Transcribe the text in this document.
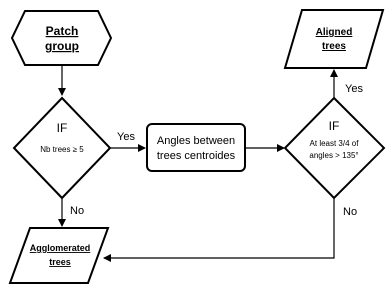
Patch
group
IF
Nb trees ≥ 5
Angles between
trees centroides
IF
At least 3/4 of
angles > 135°
Aligned
trees
Agglomerated
trees
Yes
No
Yes
No
